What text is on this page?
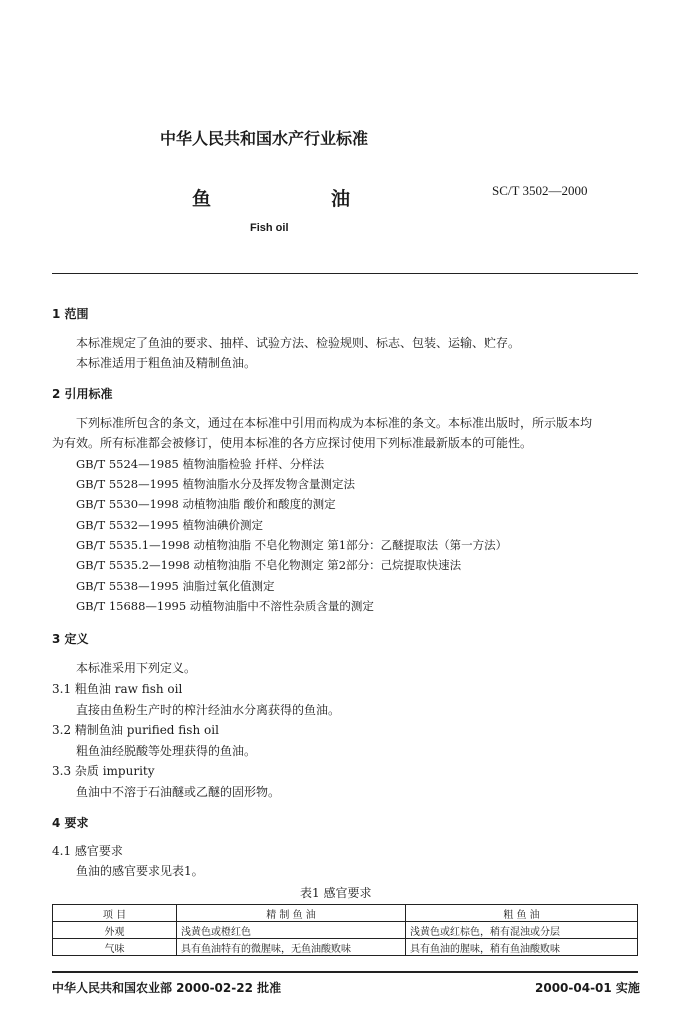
中华人民共和国水产行业标准
鱼	油	SC/T 3502—2000
Fish oil
1 范围
本标准规定了鱼油的要求、抽样、试验方法、检验规则、标志、包装、运输、贮存。
本标准适用于粗鱼油及精制鱼油。
2 引用标准
下列标准所包含的条文，通过在本标准中引用而构成为本标准的条文。本标准出版时，所示版本均
为有效。所有标准都会被修订，使用本标准的各方应探讨使用下列标准最新版本的可能性。
GB/T 5524—1985 植物油脂检验 扦样、分样法
GB/T 5528—1995 植物油脂水分及挥发物含量测定法
GB/T 5530—1998 动植物油脂 酸价和酸度的测定
GB/T 5532—1995 植物油碘价测定
GB/T 5535.1—1998 动植物油脂 不皂化物测定 第1部分：乙醚提取法（第一方法）
GB/T 5535.2—1998 动植物油脂 不皂化物测定 第2部分：己烷提取快速法
GB/T 5538—1995 油脂过氧化值测定
GB/T 15688—1995 动植物油脂中不溶性杂质含量的测定
3 定义
本标准采用下列定义。
3.1 粗鱼油 raw fish oil
直接由鱼粉生产时的榨汁经油水分离获得的鱼油。
3.2 精制鱼油 purified fish oil
粗鱼油经脱酸等处理获得的鱼油。
3.3 杂质 impurity
鱼油中不溶于石油醚或乙醚的固形物。
4 要求
4.1 感官要求
鱼油的感官要求见表1。
表1 感官要求
项 目	精 制 鱼 油	粗 鱼 油
外观	浅黄色或橙红色	浅黄色或红棕色，稍有混浊或分层
气味	具有鱼油特有的微腥味，无鱼油酸败味	具有鱼油的腥味，稍有鱼油酸败味
中华人民共和国农业部 2000-02-22 批准	2000-04-01 实施
